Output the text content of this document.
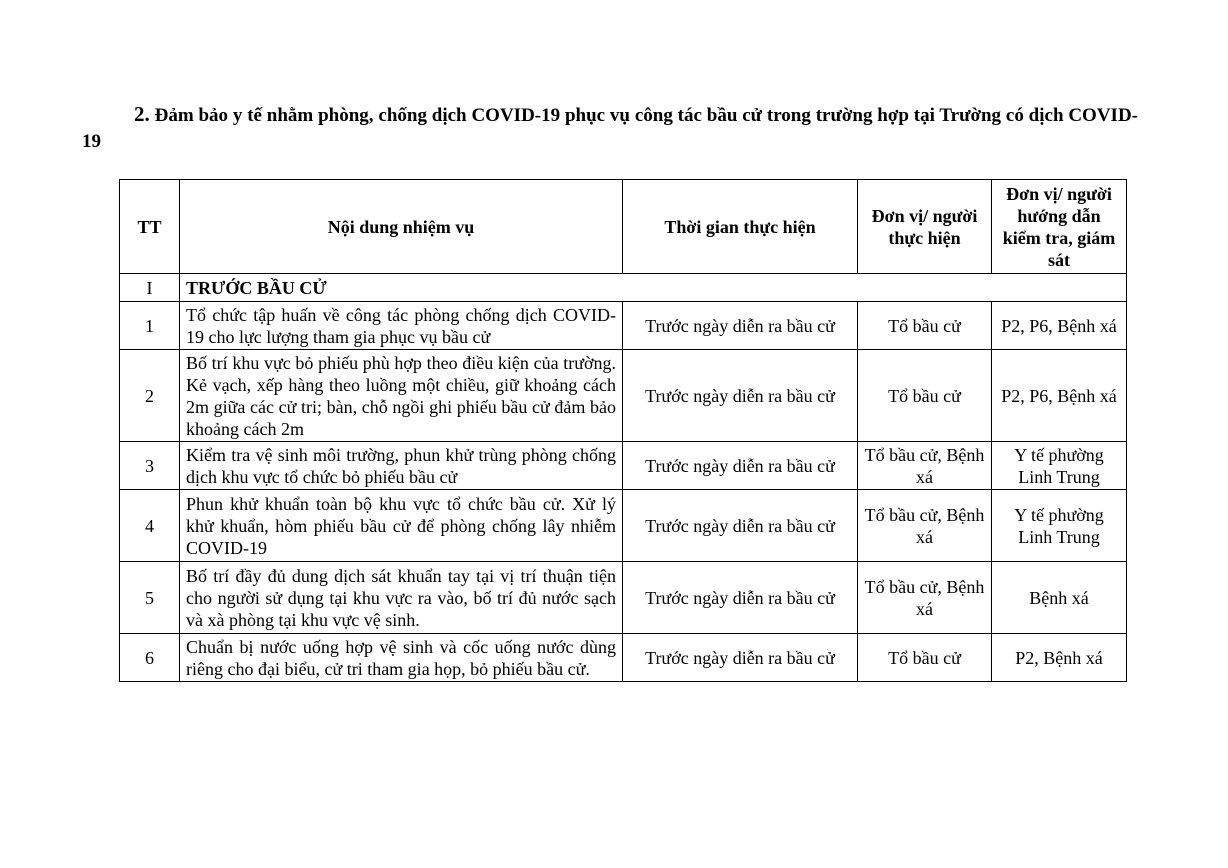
2. Đảm bảo y tế nhằm phòng, chống dịch COVID-19 phục vụ công tác bầu cử trong trường hợp tại Trường có dịch COVID-19
TT	Nội dung nhiệm vụ	Thời gian thực hiện	Đơn vị/ người thực hiện	Đơn vị/ người hướng dẫn kiểm tra, giám sát
I	TRƯỚC BẦU CỬ			
1	Tổ chức tập huấn về công tác phòng chống dịch COVID-19 cho lực lượng tham gia phục vụ bầu cử	Trước ngày diễn ra bầu cử	Tổ bầu cử	P2, P6, Bệnh xá
2	Bố trí khu vực bỏ phiếu phù hợp theo điều kiện của trường. Kẻ vạch, xếp hàng theo luồng một chiều, giữ khoảng cách 2m giữa các cử tri; bàn, chỗ ngồi ghi phiếu bầu cử đảm bảo khoảng cách 2m	Trước ngày diễn ra bầu cử	Tổ bầu cử	P2, P6, Bệnh xá
3	Kiểm tra vệ sinh môi trường, phun khử trùng phòng chống dịch khu vực tổ chức bỏ phiếu bầu cử	Trước ngày diễn ra bầu cử	Tổ bầu cử, Bệnh xá	Y tế phường Linh Trung
4	Phun khử khuẩn toàn bộ khu vực tổ chức bầu cử. Xử lý khử khuẩn, hòm phiếu bầu cử để phòng chống lây nhiễm COVID-19	Trước ngày diễn ra bầu cử	Tổ bầu cử, Bệnh xá	Y tế phường Linh Trung
5	Bố trí đầy đủ dung dịch sát khuẩn tay tại vị trí thuận tiện cho người sử dụng tại khu vực ra vào, bố trí đủ nước sạch và xà phòng tại khu vực vệ sinh.	Trước ngày diễn ra bầu cử	Tổ bầu cử, Bệnh xá	Bệnh xá
6	Chuẩn bị nước uống hợp vệ sinh và cốc uống nước dùng riêng cho đại biểu, cử tri tham gia họp, bỏ phiếu bầu cử.	Trước ngày diễn ra bầu cử	Tổ bầu cử	P2, Bệnh xá
